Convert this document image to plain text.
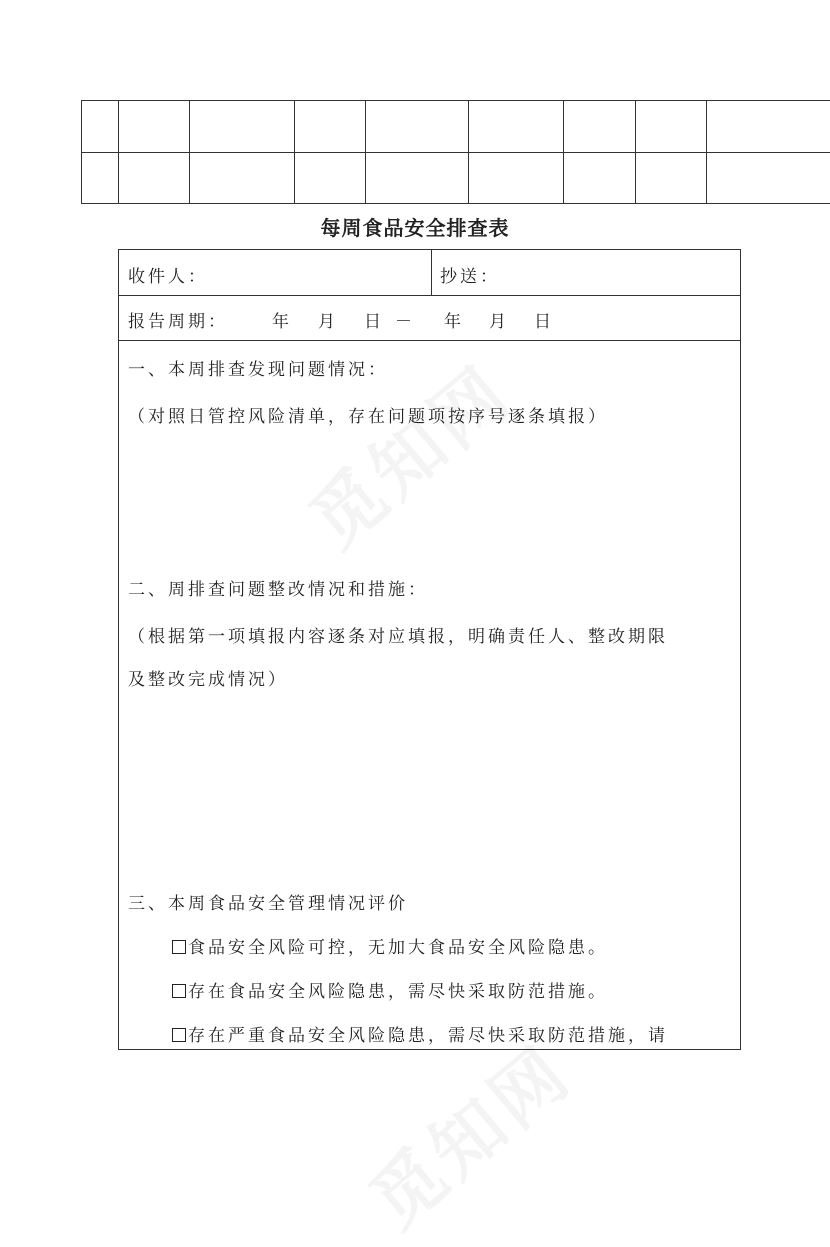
每周食品安全排查表
收件人：	抄送：
报告周期：	年 月 日 － 年 月 日
一、本周排查发现问题情况：
（对照日管控风险清单，存在问题项按序号逐条填报）
二、周排查问题整改情况和措施：
（根据第一项填报内容逐条对应填报，明确责任人、整改期限
及整改完成情况）
三、本周食品安全管理情况评价
食品安全风险可控，无加大食品安全风险隐患。
存在食品安全风险隐患，需尽快采取防范措施。
存在严重食品安全风险隐患，需尽快采取防范措施，请
